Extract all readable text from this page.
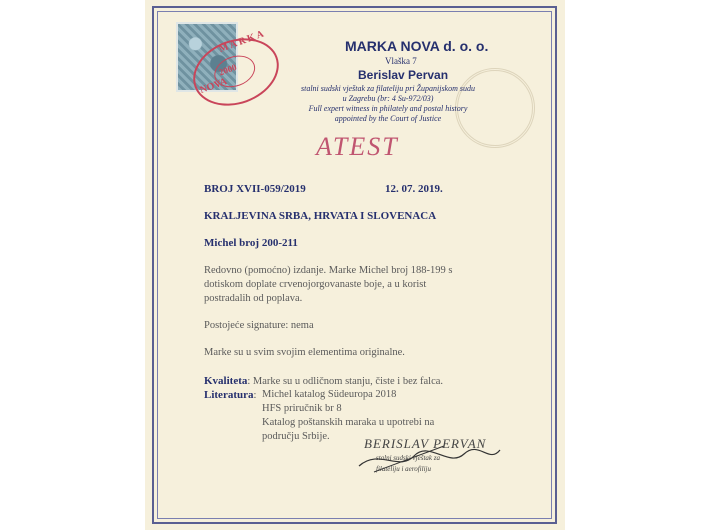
MARKA
NOVA
2000
MARKA NOVA d. o. o.
Vlaška 7
Berislav Pervan
stalni sudski vještak za filateliju pri Županijskom sudu
u Zagrebu (br: 4 Su-972/03)
Full expert witness in philately and postal history
appointed by the Court of Justice
ATEST
BROJ XVII-059/2019	12. 07. 2019.
KRALJEVINA SRBA, HRVATA I SLOVENACA
Michel broj 200-211
Redovno (pomoćno) izdanje. Marke Michel broj 188-199 s
dotiskom doplate crvenojorgovanaste boje, a u korist
postradalih od poplava.
Postojeće signature: nema
Marke su u svim svojim elementima originalne.
Kvaliteta: Marke su u odličnom stanju, čiste i bez falca.
Literatura: Michel katalog Südeuropa 2018
HFS priručnik br 8
Katalog poštanskih maraka u upotrebi na
području Srbije.	BERISLAV PERVAN
stalni sudski vještak za
filateliju i aerofiliju
